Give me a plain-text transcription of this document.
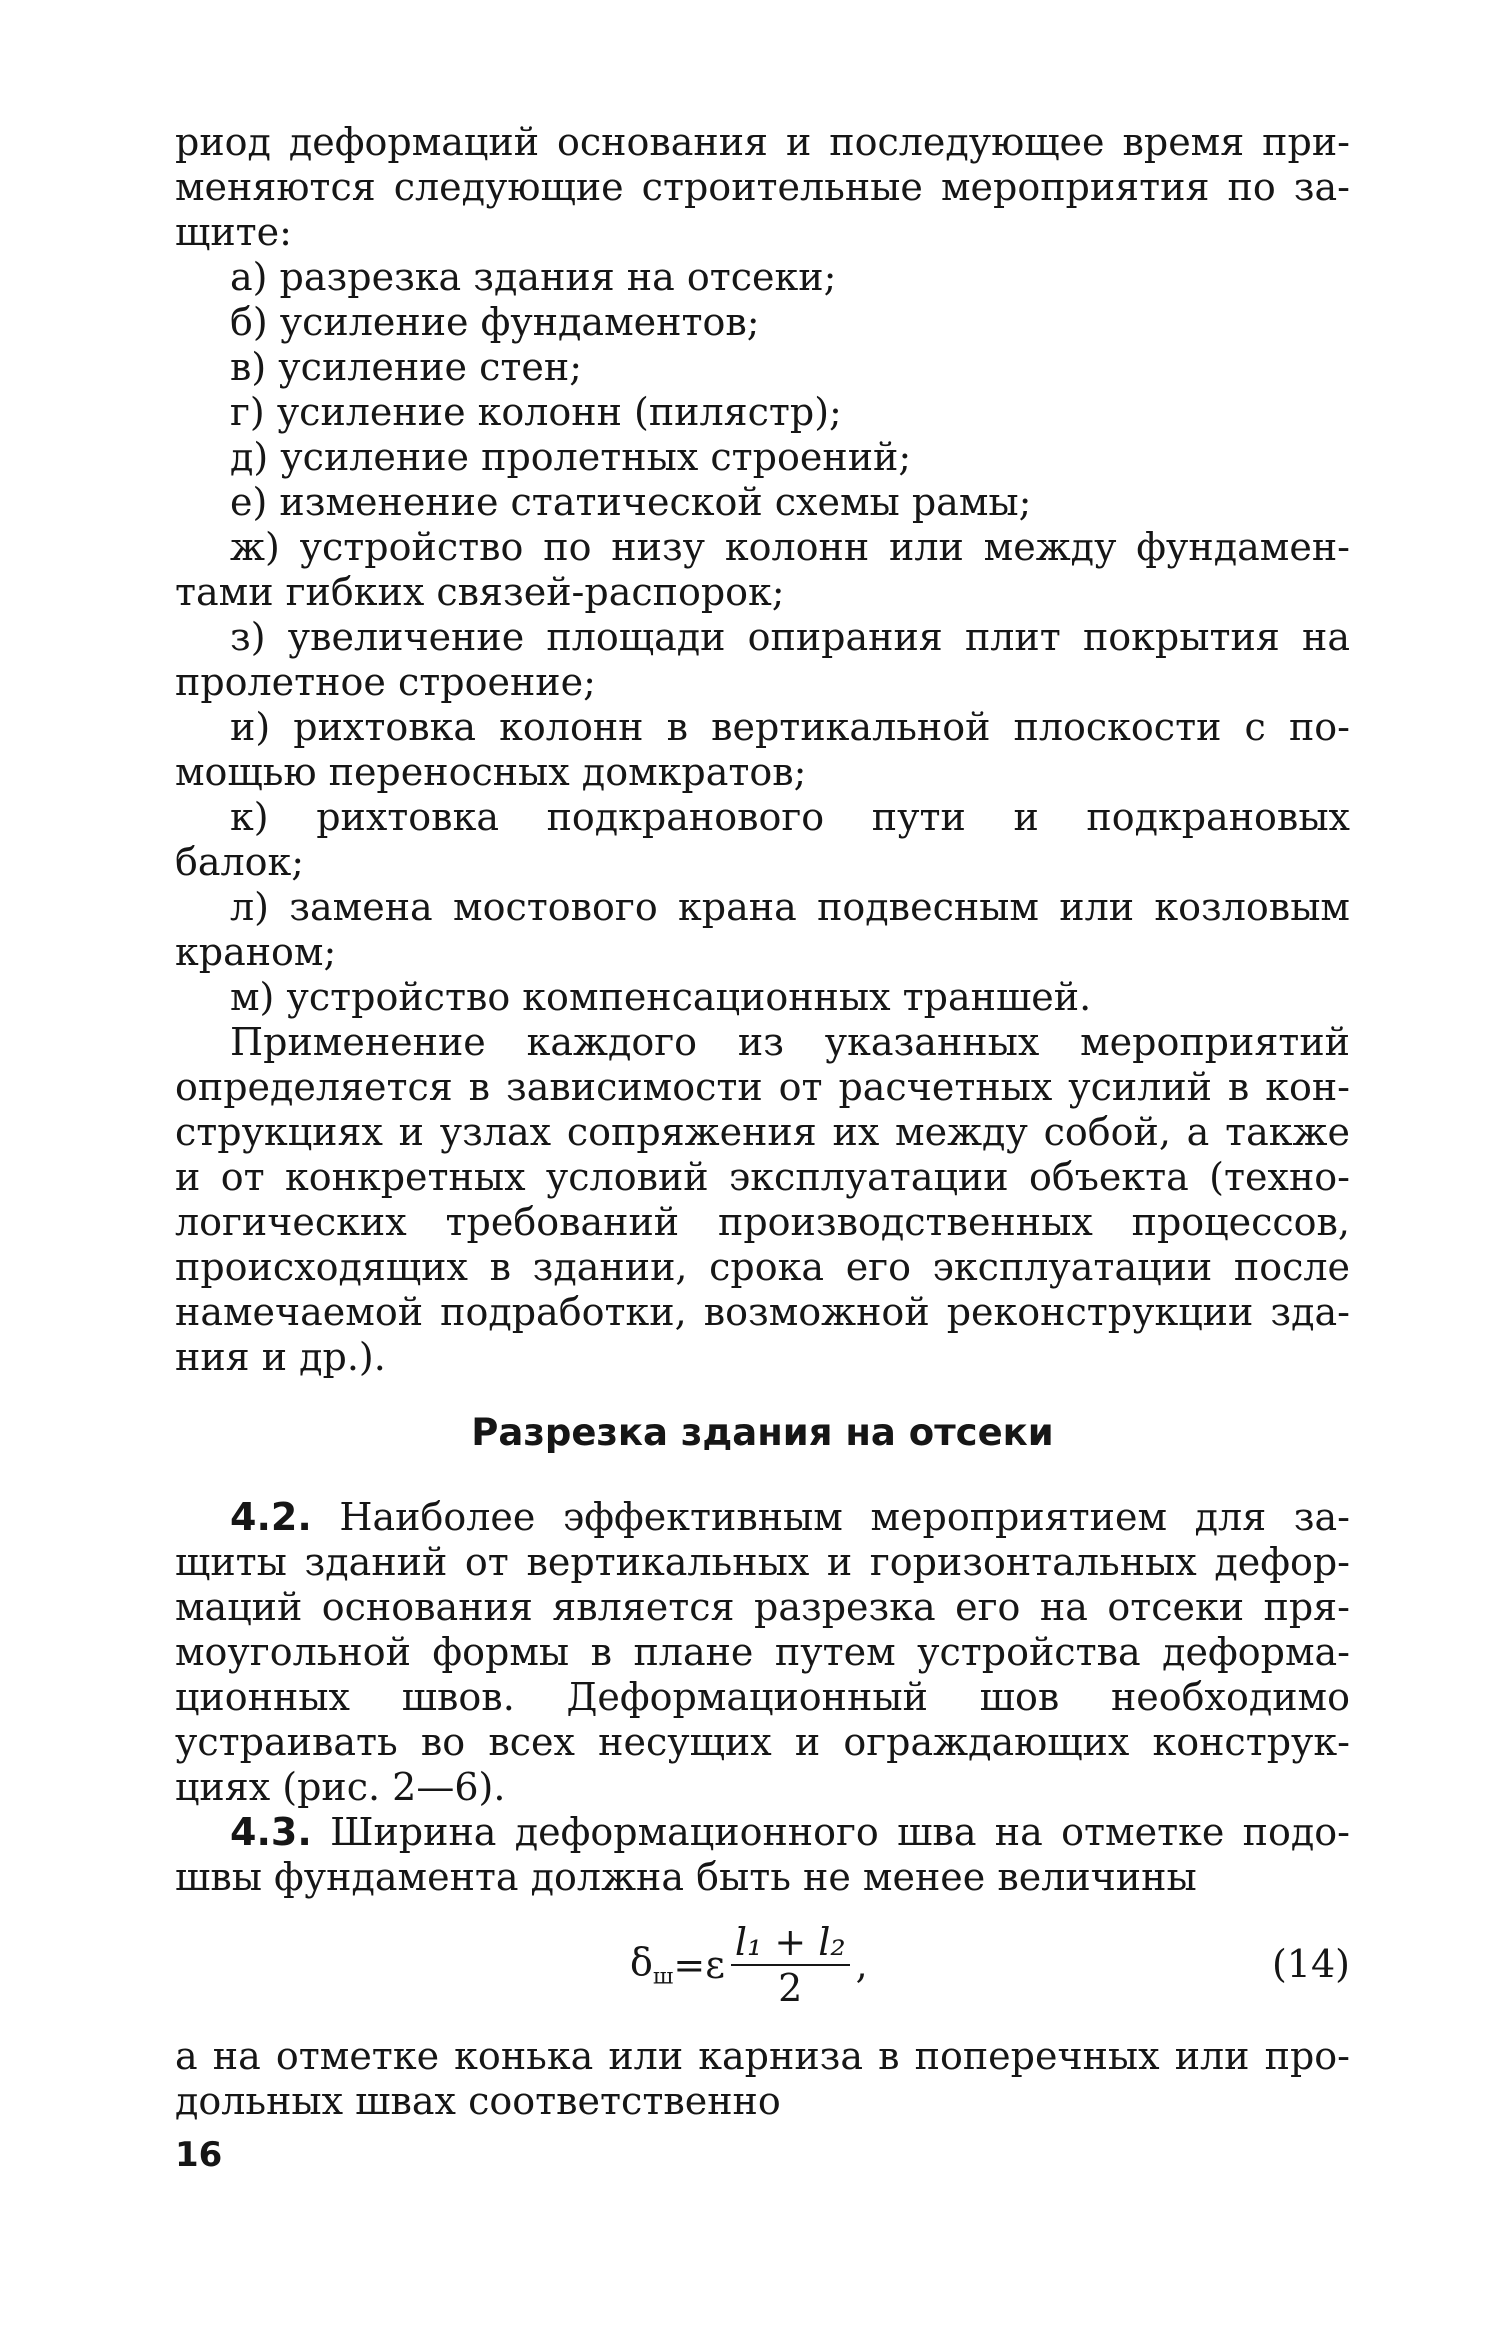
риод деформаций основания и последующее время при-
меняются следующие строительные мероприятия по за-
щите:
а) разрезка здания на отсеки;
б) усиление фундаментов;
в) усиление стен;
г) усиление колонн (пилястр);
д) усиление пролетных строений;
е) изменение статической схемы рамы;
ж) устройство по низу колонн или между фундамен-
тами гибких связей-распорок;
з) увеличение площади опирания плит покрытия на
пролетное строение;
и) рихтовка колонн в вертикальной плоскости с по-
мощью переносных домкратов;
к) рихтовка подкранового пути и подкрановых
балок;
л) замена мостового крана подвесным или козловым
краном;
м) устройство компенсационных траншей.
Применение каждого из указанных мероприятий
определяется в зависимости от расчетных усилий в кон-
струкциях и узлах сопряжения их между собой, а также
и от конкретных условий эксплуатации объекта (техно-
логических требований производственных процессов,
происходящих в здании, срока его эксплуатации после
намечаемой подработки, возможной реконструкции зда-
ния и др.).
Разрезка здания на отсеки
4.2. Наиболее эффективным мероприятием для за-
щиты зданий от вертикальных и горизонтальных дефор-
маций основания является разрезка его на отсеки пря-
моугольной формы в плане путем устройства деформа-
ционных швов. Деформационный шов необходимо
устраивать во всех несущих и ограждающих конструк-
циях (рис. 2—6).
4.3. Ширина деформационного шва на отметке подо-
швы фундамента должна быть не менее величины
$\delta_ш = \varepsilon \frac{\text{l₁ + l₂}}{2}$ ,	(14)
а на отметке конька или карниза в поперечных или про-
дольных швах соответственно
16
